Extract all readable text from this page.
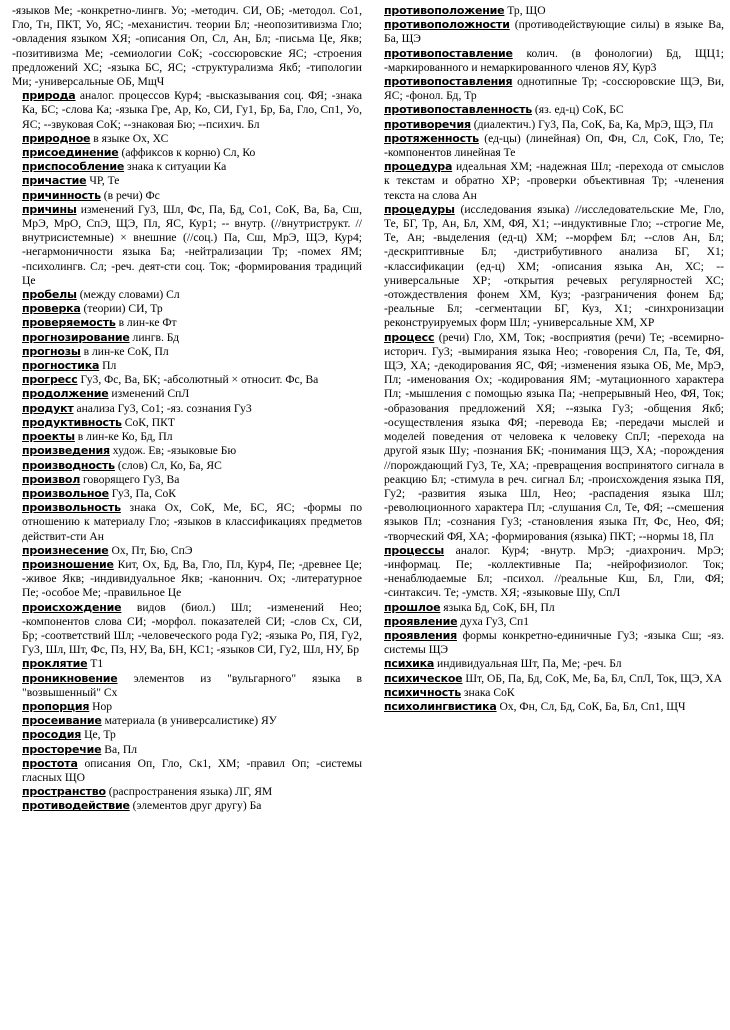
-языков Ме; -конкретно-лингв. Уо; -методич. СИ, ОБ; -методол. Со1, Гло, Тн, ПКТ, Уо, ЯС; -механистич. теории Бл; -неопозитивизма Гло; -овладения языком ХЯ; -описания Оп, Сл, Ан, Бл; -письма Це, Якв; -позитивизма Ме; -семиологии СоК; -соссюровские ЯС; -строения предложений ХС; -языка БС, ЯС; -структурализма Якб; -типологии Ми; -универсальные ОБ, МщЧ

природа аналог. процессов Кур4; -высказывания соц. ФЯ; -знака Ка, БС; -слова Ка; -языка Гре, Ар, Ко, СИ, Гу1, Бр, Ба, Гло, Сп1, Уо, ЯС; --звуковая СоК; --знаковая Бю; --психич. Бл

природное в языке Ох, ХС

присоединение (аффиксов к корню) Сл, Ко

приспособление знака к ситуации Ка

причастие ЧР, Те

причинность (в речи) Фс

причины изменений Гу3, Шл, Фс, Па, Бд, Со1, СоК, Ва, Ба, Сш, МрЭ, МрО, СпЭ, ЩЭ, Пл, ЯС, Кур1; -- внутр. (//внутриструкт. //внутрисистемные) × внешние (//соц.) Па, Сш, МрЭ, ЩЭ, Кур4; -негармоничности языка Ба; -нейтрализации Тр; -помех ЯМ; -психолингв. Сл; -реч. деят-сти соц. Ток; -формирования традиций Це

пробелы (между словами) Сл

проверка (теории) СИ, Тр

проверяемость в лин-ке Фт

прогнозирование лингв. Бд

прогнозы в лин-ке СоК, Пл

прогностика Пл

прогресс Гу3, Фс, Ва, БК; -абсолютный × относит. Фс, Ва

продолжение изменений СпЛ

продукт анализа Гу3, Со1; -яз. сознания Гу3

продуктивность СоК, ПКТ

проекты в лин-ке Ко, Бд, Пл

произведения худож. Ев; -языковые Бю

производность (слов) Сл, Ко, Ба, ЯС

произвол говорящего Гу3, Ва

произвольное Гу3, Па, СоК

произвольность знака Ох, СоК, Ме, БС, ЯС; -формы по отношению к материалу Гло; -языков в классификациях предметов действит-сти Ан

произнесение Ох, Пт, Бю, СпЭ

произношение Кит, Ох, Бд, Ва, Гло, Пл, Кур4, Пе; -древнее Це; -живое Якв; -индивидуальное Якв; -каноннич. Ох; -литературное Пе; -особое Ме; -правильное Це

происхождение видов (биол.) Шл; -изменений Нео; -компонентов слова СИ; -морфол. показателей СИ; -слов Сх, СИ, Бр; -соответствий Шл; -человеческого рода Гу2; -языка Ро, ПЯ, Гу2, Гу3, Шл, Шт, Фс, Пз, НУ, Ва, БН, КС1; -языков СИ, Гу2, Шл, НУ, Бр

проклятие Т1

проникновение элементов из "вульгарного" языка в "возвышенный" Сх

пропорция Нор

просеивание материала (в универсалистике) ЯУ

просодия Це, Тр

просторечие Ва, Пл

простота описания Оп, Гло, Ск1, ХМ; -правил Оп; -системы гласных ЩО

пространство (распространения языка) ЛГ, ЯМ

противодействие (элементов друг другу) Ба

противоположение Тр, ЩО

противоположности (противодействующие силы) в языке Ва, Ба, ЩЭ

противопоставление колич. (в фонологии) Бд, ЩЦ1; -маркированного и немаркированного членов ЯУ, Кур3

противопоставления однотипные Тр; -соссюровские ЩЭ, Ви, ЯС; -фонол. Бд, Тр

противопоставленность (яз. ед-ц) СоК, БС

противоречия (диалектич.) Гу3, Па, СоК, Ба, Ка, МрЭ, ЩЭ, Пл

протяженность (ед-цы) (линейная) Оп, Фн, Сл, СоК, Гло, Те; -компонентов линейная Те

процедура идеальная ХМ; -надежная Шл; -перехода от смыслов к текстам и обратно ХР; -проверки объективная Тр; -членения текста на слова Ан

процедуры (исследования языка) //исследовательские Ме, Гло, Те, БГ, Тр, Ан, Бл, ХМ, ФЯ, Х1; --индуктивные Гло; --строгие Ме, Те, Ан; -выделения (ед-ц) ХМ; --морфем Бл; --слов Ан, Бл; -дескриптивные Бл; -дистрибутивного анализа БГ, Х1; -классификации (ед-ц) ХМ; -описания языка Ан, ХС; --универсальные ХР; -открытия речевых регулярностей ХС; -отождествления фонем ХМ, Куз; -разграничения фонем Бд; -реальные Бл; -сегментации БГ, Куз, Х1; -синхронизации реконструируемых форм Шл; -универсальные ХМ, ХР

процесс (речи) Гло, ХМ, Ток; -восприятия (речи) Те; -всемирно-историч. Гу3; -вымирания языка Нео; -говорения Сл, Па, Те, ФЯ, ЩЭ, ХА; -декодирования ЯС, ФЯ; -изменения языка ОБ, Ме, МрЭ, Пл; -именования Ох; -кодирования ЯМ; -мутационного характера Пл; -мышления с помощью языка Па; -непрерывный Нео, ФЯ, Ток; -образования предложений ХЯ; --языка Гу3; -общения Якб; -осуществления языка ФЯ; -перевода Ев; -передачи мыслей и моделей поведения от человека к человеку СпЛ; -перехода на другой язык Шу; -познания БК; -понимания ЩЭ, ХА; -порождения //порождающий Гу3, Те, ХА; -превращения воспринятого сигнала в реакцию Бл; -стимула в реч. сигнал Бл; -происхождения языка ПЯ, Гу2; -развития языка Шл, Нео; -распадения языка Шл; -революционного характера Пл; -слушания Сл, Те, ФЯ; --смешения языков Пл; -сознания Гу3; -становления языка Пт, Фс, Нео, ФЯ; -творческий ФЯ, ХА; -формирования (языка) ПКТ; --нормы 18, Пл

процессы аналог. Кур4; -внутр. МрЭ; -диахронич. МрЭ; -информац. Пе; -коллективные Па; -нейрофизиолог. Ток; -ненаблюдаемые Бл; -психол. //реальные Кш, Бл, Гли, ФЯ; -синтаксич. Те; -умств. ХЯ; -языковые Шу, СпЛ

прошлое языка Бд, СоК, БН, Пл

проявление духа Гу3, Сп1

проявления формы конкретно-единичные Гу3; -языка Сш; -яз. системы ЩЭ

психика индивидуальная Шт, Па, Ме; -реч. Бл

психическое Шт, ОБ, Па, Бд, СоК, Ме, Ба, Бл, СпЛ, Ток, ЩЭ, ХА

психичность знака СоК

психолингвистика Ох, Фн, Сл, Бд, СоК, Ба, Бл, Сп1, ЩЧ
